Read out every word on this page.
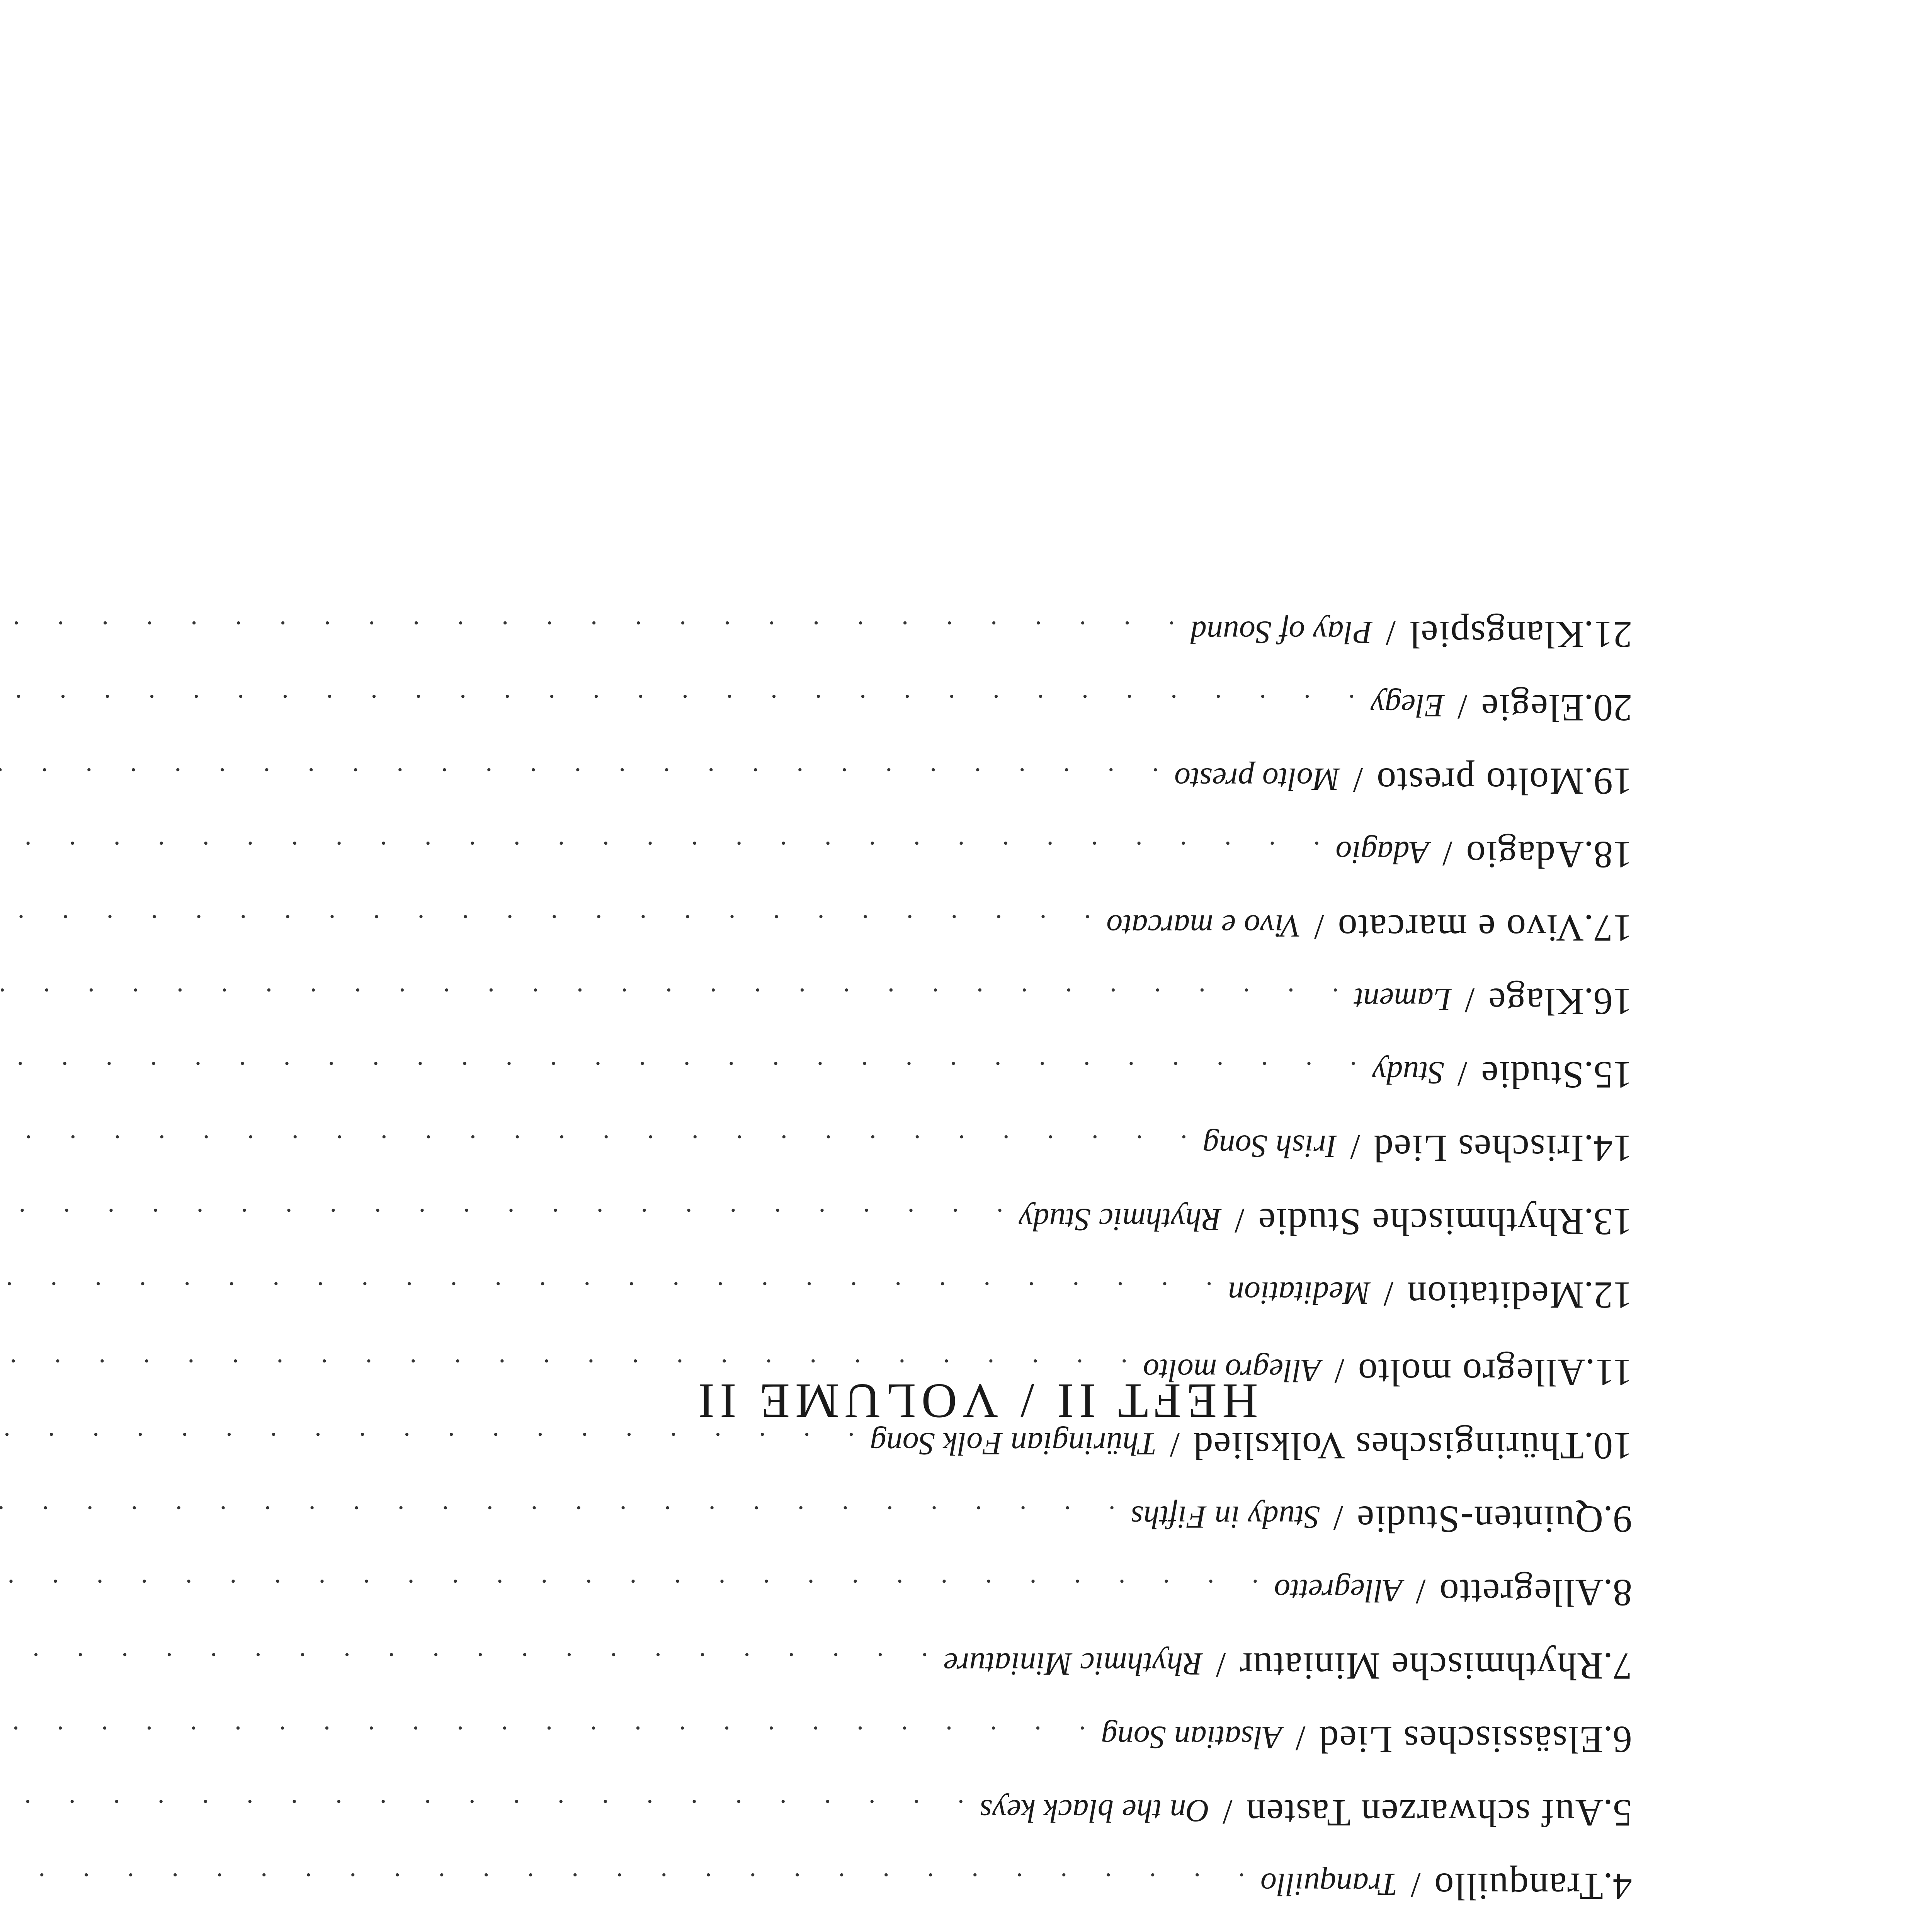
4.
Tranquillo
/
Tranquillo
. . .
5.
Auf schwarzen Tasten
/
On the black keys
. . .
6.
Elsässisches Lied
/
Alsatian Song
. . .
7.
Rhythmische Miniatur
/
Rhythmic Miniature
. . .
8.
Allegretto
/
Allegretto
. . .
9.
Quinten-Studie
/
Study in Fifths
. . .
10.
Thüringisches Volkslied
/
Thüringian Folk Song
. . .
11.
Allegro molto
/
Allegro molto
. . .
HEFT II / VOLUME II
12.
Meditation
/
Meditation
. . .
13.
Rhythmische Studie
/
Rhythmic Study
. . .
14.
Irisches Lied
/
Irish Song
. . .
15.
Studie
/
Study
. . .
16.
Klage
/
Lament
. . .
17.
Vivo e marcato
/
Vivo e marcato
. . .
18.
Adagio
/
Adagio
. . .
19.
Molto presto
/
Molto presto
. . .
20.
Elegie
/
Elegy
. . .
21.
Klangspiel
/
Play of Sound
. . .
